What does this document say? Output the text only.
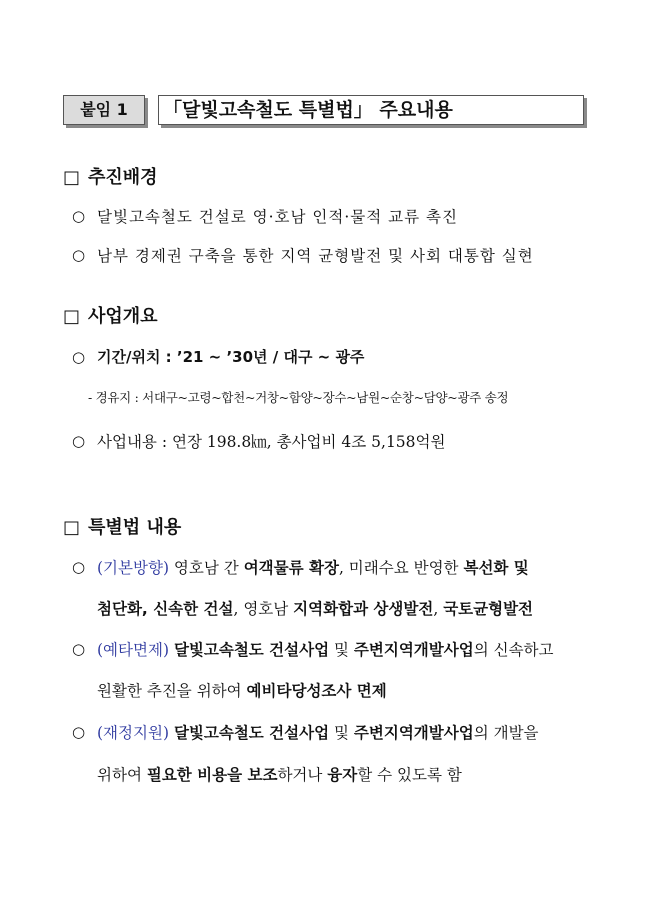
붙임 1	「달빛고속철도 특별법」 주요내용
□ 추진배경
○ 달빛고속철도 건설로 영·호남 인적·물적 교류 촉진
○ 남부 경제권 구축을 통한 지역 균형발전 및 사회 대통합 실현
□ 사업개요
○ 기간/위치 : ’21 ~ ’30년 / 대구 ~ 광주
- 경유지 : 서대구~고령~합천~거창~함양~장수~남원~순창~담양~광주 송정
○ 사업내용 : 연장 198.8㎞, 총사업비 4조 5,158억원
□ 특별법 내용
○ (기본방향) 영호남 간 여객물류 확장, 미래수요 반영한 복선화 및
첨단화, 신속한 건설, 영호남 지역화합과 상생발전, 국토균형발전
○ (예타면제) 달빛고속철도 건설사업 및 주변지역개발사업의 신속하고
원활한 추진을 위하여 예비타당성조사 면제
○ (재정지원) 달빛고속철도 건설사업 및 주변지역개발사업의 개발을
위하여 필요한 비용을 보조하거나 융자할 수 있도록 함
